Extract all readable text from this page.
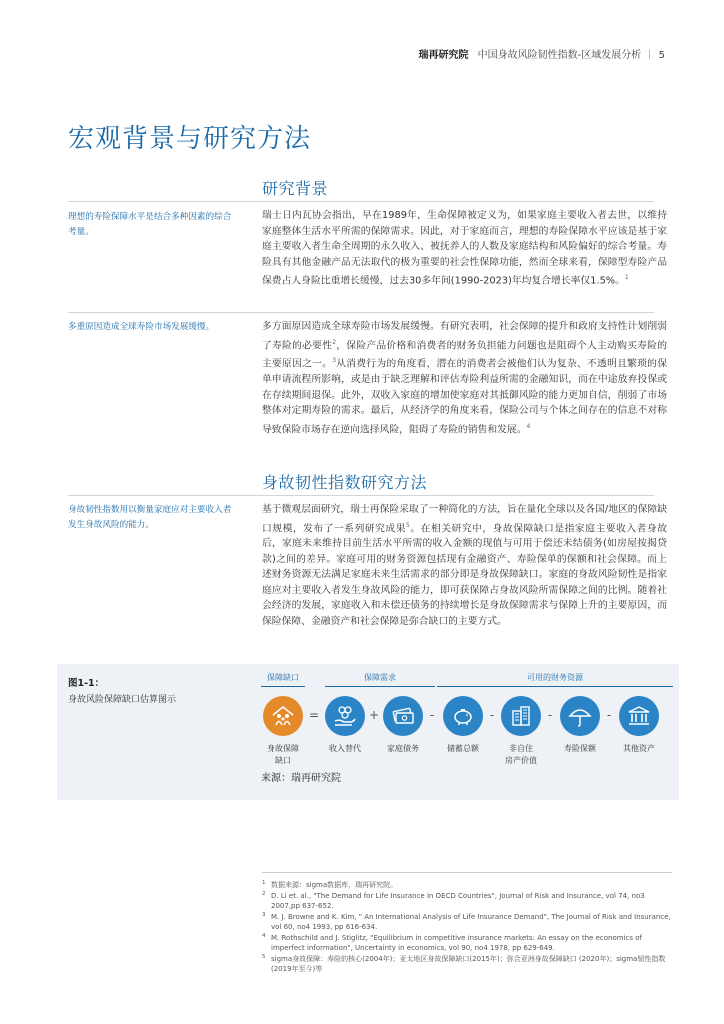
瑞再研究院 中国身故风险韧性指数-区域发展分析 5
宏观背景与研究方法
研究背景
理想的寿险保障水平是结合多种因素的综合考量。

瑞士日内瓦协会指出，早在1989年，生命保障被定义为，如果家庭主要收入者去世，以维持家庭整体生活水平所需的保障需求。因此，对于家庭而言，理想的寿险保障水平应该是基于家庭主要收入者生命全周期的永久收入、被抚养人的人数及家庭结构和风险偏好的综合考量。寿险具有其他金融产品无法取代的极为重要的社会性保障功能，然而全球来看，保障型寿险产品保费占人身险比重增长缓慢，过去30多年间(1990-2023)年均复合增长率仅1.5%。$^1$

多重原因造成全球寿险市场发展缓慢。	多方面原因造成全球寿险市场发展缓慢。有研究表明，社会保障的提升和政府支持性计划削弱了寿险的必要性$^2$，保险产品价格和消费者的财务负担能力问题也是阻碍个人主动购买寿险的主要原因之一。$^3$从消费行为的角度看，潜在的消费者会被他们认为复杂、不透明且繁琐的保单申请流程所影响，或是由于缺乏理解和评估寿险利益所需的金融知识，而在中途放弃投保或在存续期间退保。此外，双收入家庭的增加使家庭对其抵御风险的能力更加自信，削弱了市场整体对定期寿险的需求。最后，从经济学的角度来看，保险公司与个体之间存在的信息不对称导致保险市场存在逆向选择风险，阻碍了寿险的销售和发展。$^4$

身故韧性指数研究方法
身故韧性指数用以衡量家庭应对主要收入者发生身故风险的能力。

基于微观层面研究，瑞士再保险采取了一种简化的方法，旨在量化全球以及各国/地区的保障缺口规模，发布了一系列研究成果$^5$。在相关研究中，身故保障缺口是指家庭主要收入者身故后，家庭未来维持目前生活水平所需的收入金额的现值与可用于偿还未结债务(如房屋按揭贷款)之间的差异。家庭可用的财务资源包括现有金融资产、寿险保单的保额和社会保障。而上述财务资源无法满足家庭未来生活需求的部分即是身故保障缺口。家庭的身故风险韧性是指家庭应对主要收入者发生身故风险的能力，即可获保障占身故风险所需保障之间的比例。随着社会经济的发展，家庭收入和未偿还债务的持续增长是身故保障需求与保障上升的主要原因，而保险保障、金融资产和社会保障是弥合缺口的主要方式。

图1-1：
身故风险保障缺口估算图示
保障缺口	保障需求	可用的财务资源
=	+	-	-	-	-
身故保障
缺口
收入替代	家庭债务	储蓄总额	非自住
房产价值
寿险保额	其他资产
来源：瑞再研究院

1 数据来源：sigma数据库，瑞再研究院。

2 D. Li et. al., "The Demand for Life Insurance in OECD Countries", Journal of Risk and Insurance, vol 74, no3 2007,pp 637-652.

3 M. J. Browne and K. Kim, " An International Analysis of Life Insurance Demand", The Journal of Risk and Insurance, vol 60, no4 1993, pp 616-634.

4 M. Rothschild and J. Stiglitz, "Equilibrium in competitive insurance markets: An essay on the economics of imperfect information", Uncertainty in economics, vol 90, no4 1978, pp 629-649.

5 sigma身故保障：寿险的核心(2004年)；亚太地区身故保障缺口(2015年)；弥合亚洲身故保障缺口 (2020年)；sigma韧性指数(2019年至今)等
